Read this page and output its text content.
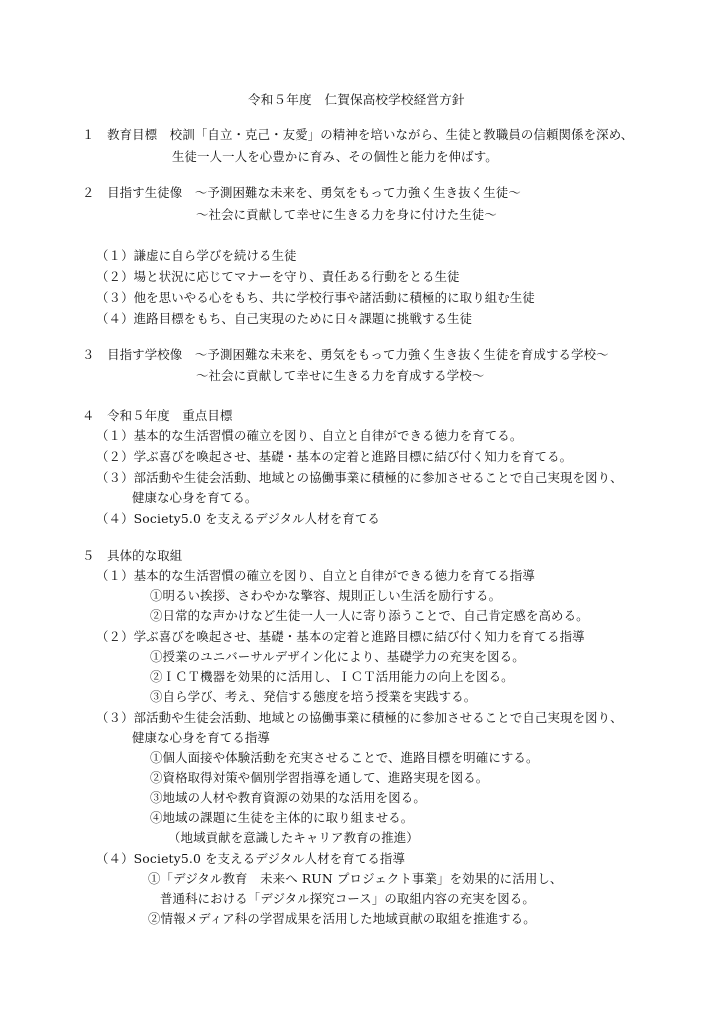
令和５年度　仁賀保高校学校経営方針
１　教育目標　校訓「自立・克己・友愛」の精神を培いながら、生徒と教職員の信頼関係を深め、
生徒一人一人を心豊かに育み、その個性と能力を伸ばす。
２　目指す生徒像　～予測困難な未来を、勇気をもって力強く生き抜く生徒～
～社会に貢献して幸せに生きる力を身に付けた生徒～
（１）謙虚に自ら学びを続ける生徒
（２）場と状況に応じてマナーを守り、責任ある行動をとる生徒
（３）他を思いやる心をもち、共に学校行事や諸活動に積極的に取り組む生徒
（４）進路目標をもち、自己実現のために日々課題に挑戦する生徒
３　目指す学校像　～予測困難な未来を、勇気をもって力強く生き抜く生徒を育成する学校～
～社会に貢献して幸せに生きる力を育成する学校～
４　令和５年度　重点目標
（１）基本的な生活習慣の確立を図り、自立と自律ができる徳力を育てる。
（２）学ぶ喜びを喚起させ、基礎・基本の定着と進路目標に結び付く知力を育てる。
（３）部活動や生徒会活動、地域との協働事業に積極的に参加させることで自己実現を図り、
健康な心身を育てる。
（４）Society5.0 を支えるデジタル人材を育てる
５　具体的な取組
（１）基本的な生活習慣の確立を図り、自立と自律ができる徳力を育てる指導
①明るい挨拶、さわやかな擎容、規則正しい生活を励行する。
②日常的な声かけなど生徒一人一人に寄り添うことで、自己肯定感を高める。
（２）学ぶ喜びを喚起させ、基礎・基本の定着と進路目標に結び付く知力を育てる指導
①授業のユニバーサルデザイン化により、基礎学力の充実を図る。
②ＩＣＴ機器を効果的に活用し、ＩＣＴ活用能力の向上を図る。
③自ら学び、考え、発信する態度を培う授業を実践する。
（３）部活動や生徒会活動、地域との協働事業に積極的に参加させることで自己実現を図り、
健康な心身を育てる指導
①個人面接や体験活動を充実させることで、進路目標を明確にする。
②資格取得対策や個別学習指導を通して、進路実現を図る。
③地域の人材や教育資源の効果的な活用を図る。
④地域の課題に生徒を主体的に取り組ませる。
（地域貢献を意識したキャリア教育の推進）
（４）Society5.0 を支えるデジタル人材を育てる指導
①「デジタル教育　未来へ RUN プロジェクト事業」を効果的に活用し、
普通科における「デジタル探究コース」の取組内容の充実を図る。
②情報メディア科の学習成果を活用した地域貢献の取組を推進する。
